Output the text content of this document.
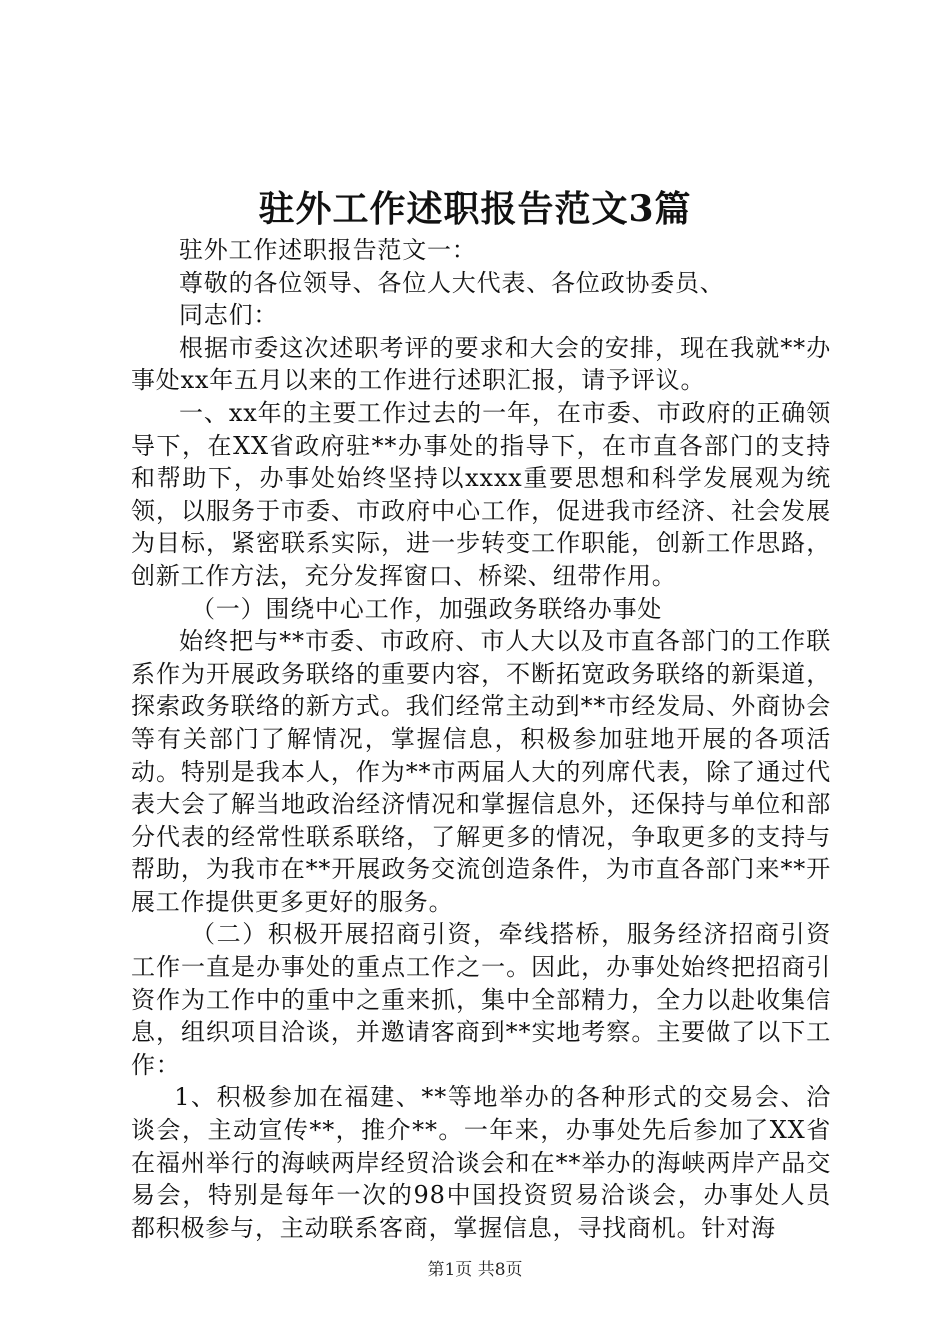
驻外工作述职报告范文3篇

驻外工作述职报告范文一：

尊敬的各位领导、各位人大代表、各位政协委员、

同志们：

根据市委这次述职考评的要求和大会的安排，现在我就**办事处xx年五月以来的工作进行述职汇报，请予评议。

一、xx年的主要工作过去的一年，在市委、市政府的正确领导下，在XX省政府驻**办事处的指导下，在市直各部门的支持和帮助下，办事处始终坚持以xxxx重要思想和科学发展观为统领，以服务于市委、市政府中心工作，促进我市经济、社会发展为目标，紧密联系实际，进一步转变工作职能，创新工作思路，创新工作方法，充分发挥窗口、桥梁、纽带作用。

（一）围绕中心工作，加强政务联络办事处

始终把与**市委、市政府、市人大以及市直各部门的工作联系作为开展政务联络的重要内容，不断拓宽政务联络的新渠道，探索政务联络的新方式。我们经常主动到**市经发局、外商协会等有关部门了解情况，掌握信息，积极参加驻地开展的各项活动。特别是我本人，作为**市两届人大的列席代表，除了通过代表大会了解当地政治经济情况和掌握信息外，还保持与单位和部分代表的经常性联系联络，了解更多的情况，争取更多的支持与帮助，为我市在**开展政务交流创造条件，为市直各部门来**开展工作提供更多更好的服务。

（二）积极开展招商引资，牵线搭桥，服务经济招商引资工作一直是办事处的重点工作之一。因此，办事处始终把招商引资作为工作中的重中之重来抓，集中全部精力，全力以赴收集信息，组织项目洽谈，并邀请客商到**实地考察。主要做了以下工作：

1、积极参加在福建、**等地举办的各种形式的交易会、洽谈会，主动宣传**，推介**。一年来，办事处先后参加了XX省在福州举行的海峡两岸经贸洽谈会和在**举办的海峡两岸产品交易会，特别是每年一次的98中国投资贸易洽谈会，办事处人员都积极参与，主动联系客商，掌握信息，寻找商机。针对海

第1页 共8页
